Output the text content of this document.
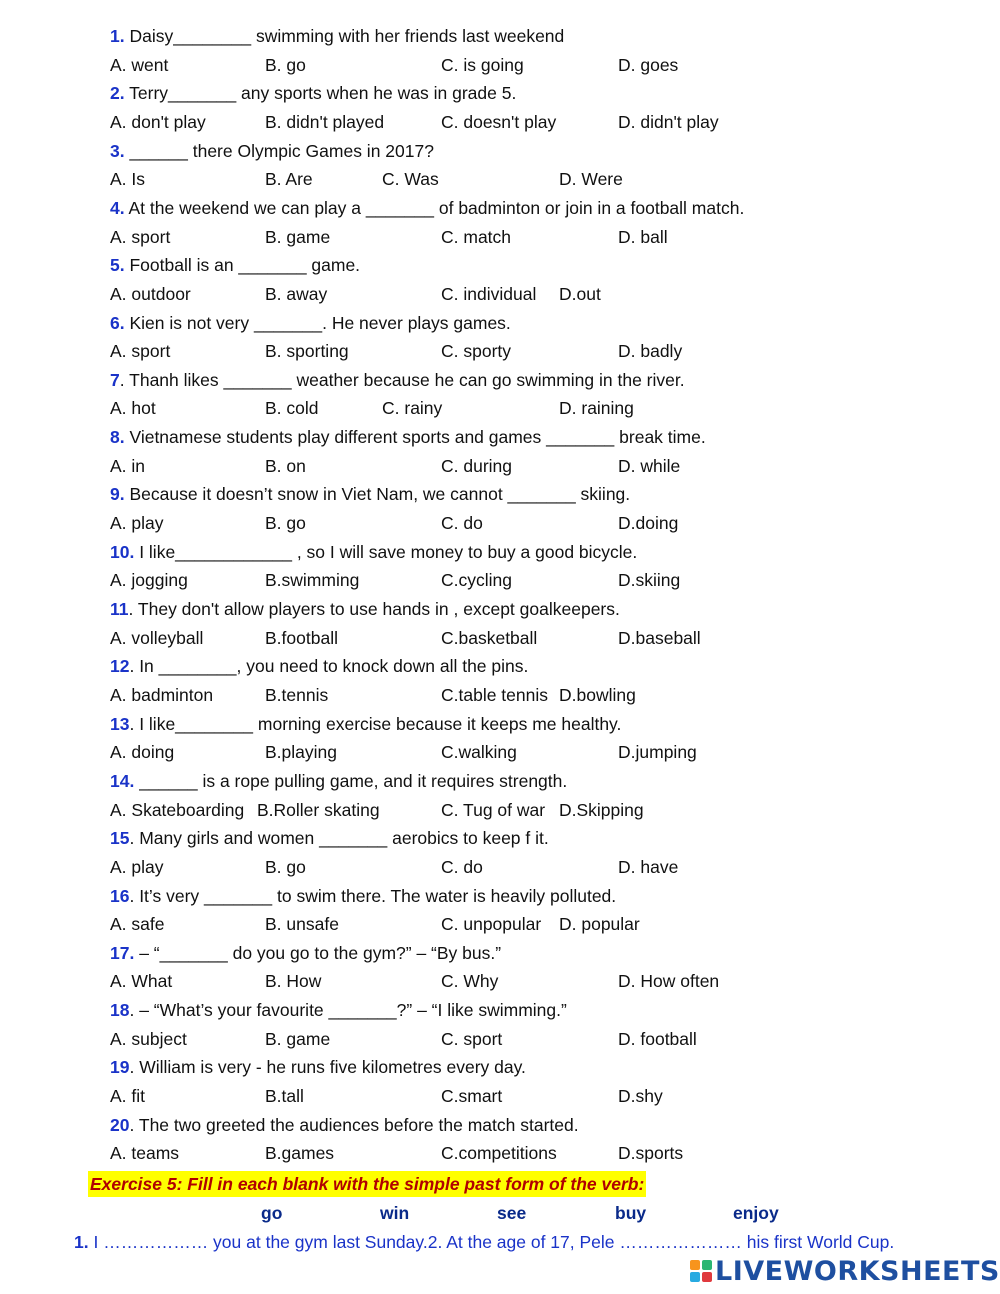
1. Daisy________ swimming with her friends last weekend
A. went	B. go	C. is going	D. goes
2. Terry_______ any sports when he was in grade 5.
A. don't play	B. didn't played	C. doesn't play	D. didn't play
3. ______ there Olympic Games in 2017?
A. Is	B. Are	C. Was	D. Were
4. At the weekend we can play a _______ of badminton or join in a football match.
A. sport	B. game	C. match	D. ball
5. Football is an _______ game.
A. outdoor	B. away	C. individual D.out
6. Kien is not very _______. He never plays games.
A. sport	B. sporting	C. sporty	D. badly
7. Thanh likes _______ weather because he can go swimming in the river.
A. hot	B. cold	C. rainy	D. raining
8. Vietnamese students play different sports and games _______ break time.
A. in	B. on	C. during	D. while
9. Because it doesn’t snow in Viet Nam, we cannot _______ skiing.
A. play	B. go	C. do	D.doing
10. I like____________ , so I will save money to buy a good bicycle.
A. jogging	B.swimming	C.cycling	D.skiing
11. They don't allow players to use hands in , except goalkeepers.
A. volleyball	B.football	C.basketball	D.baseball
12. In ________, you need to knock down all the pins.
A. badminton	B.tennis	C.table tennis D.bowling
13. I like________ morning exercise because it keeps me healthy.
A. doing	B.playing	C.walking	D.jumping
14. ______ is a rope pulling game, and it requires strength.
A. Skateboarding B.Roller skating	C. Tug of war D.Skipping
15. Many girls and women _______ aerobics to keep f it.
A. play	B. go	C. do	D. have
16. It’s very _______ to swim there. The water is heavily polluted.
A. safe	B. unsafe	C. unpopular D. popular
17. – “_______ do you go to the gym?” – “By bus.”
A. What	B. How	C. Why	D. How often
18. – “What’s your favourite _______?” – “I like swimming.”
A. subject	B. game	C. sport	D. football
19. William is very - he runs five kilometres every day.
A. fit	B.tall	C.smart	D.shy
20. The two greeted the audiences before the match started.
A. teams	B.games	C.competitions	D.sports
Exercise 5: Fill in each blank with the simple past form of the verb:
go	win	see	buy	enjoy
1. I ……………… you at the gym last Sunday.2. At the age of 17, Pele ………………… his first World Cup.
LIVEWORKSHEETS
